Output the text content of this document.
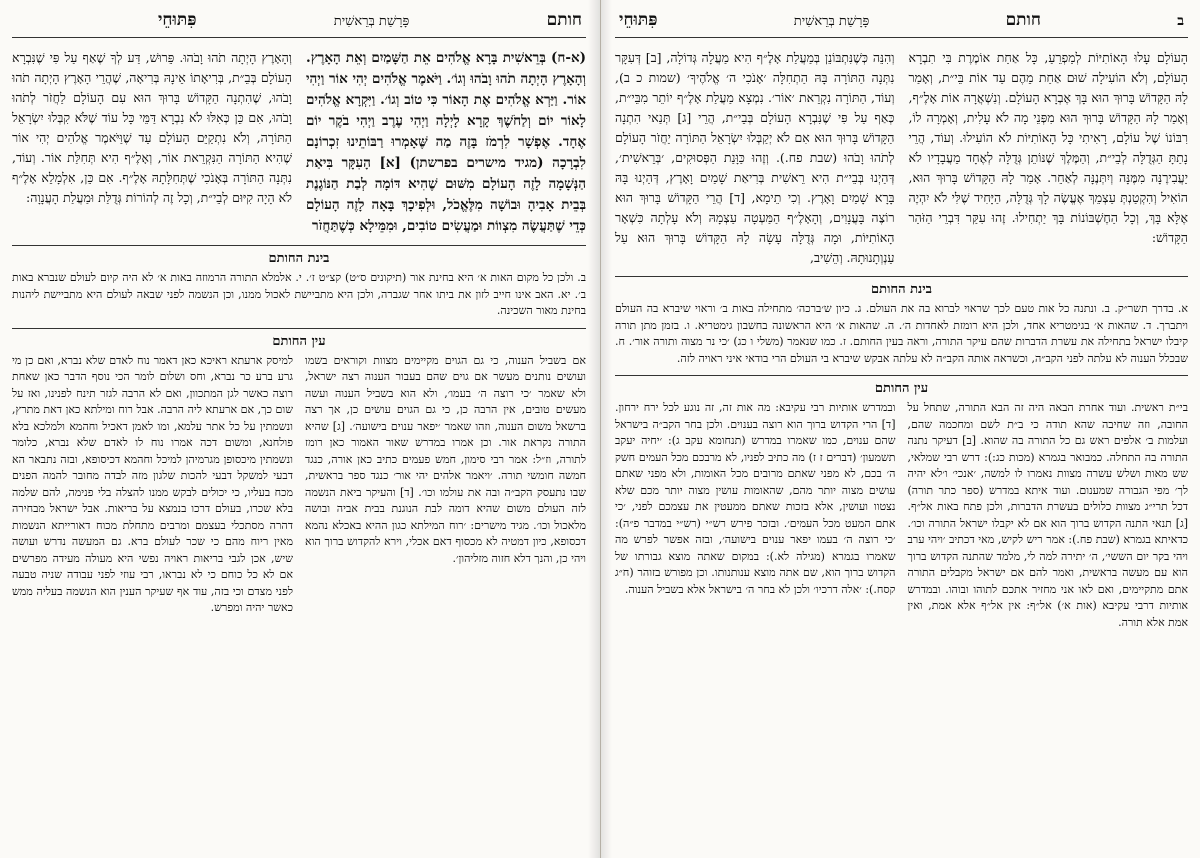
חותם
פָּרָשַׁת בְּרֵאשִׁית
פִּתּוּחֵי
(א-ח) בְּרֵאשִׁית בָּרָא אֱלֹהִים אֵת הַשָּׁמַיִם וְאֵת הָאָרֶץ. וְהָאָרֶץ הָיְתָה תֹהוּ וָבֹהוּ וְגוֹ׳. וַיֹּאמֶר אֱלֹהִים יְהִי אוֹר וַיְהִי אוֹר. וַיַּרְא אֱלֹהִים אֶת הָאוֹר כִּי טוֹב וְגוֹ׳. וַיִּקְרָא אֱלֹהִים לָאוֹר יוֹם וְלַחֹשֶׁךְ קָרָא לָיְלָה וַיְהִי עֶרֶב וַיְהִי בֹקֶר יוֹם אֶחָד. אֶפְשָׁר לִרְמֹז בָּזֶה מַה שֶּׁאָמְרוּ רַבּוֹתֵינוּ זִכְרוֹנָם לִבְרָכָה (מגיד מישרים בפרשתן) [א] הָעִקָּר בִּיאַת הַנְּשָׁמָה לָזֶה הָעוֹלָם מִשּׁוּם שֶׁהִיא דּוֹמָה לְבַת הַנּוֹגֶנֶת בְּבֵית אָבִיהָ וּבוֹשָׁה מִלֶּאֱכֹל, וּלְפִיכָךְ בָּאָה לָזֶה הָעוֹלָם כְּדֵי שֶׁתַּעֲשֶׂה מִצְווֹת וּמַעֲשִׂים טוֹבִים, וּמִמֵּילָא כְּשֶׁתַּחֲזֹר
וְהָאָרֶץ הָיְתָה תֹהוּ וָבֹהוּ. פֵּרוּשׁ, דַּע לְךָ שֶׁאַף עַל פִּי שֶׁנִּבְרָא הָעוֹלָם בְּבֵ״ת, בְּרִיאָתוֹ אֵינָהּ בְּרִיאָה, שֶׁהֲרֵי הָאָרֶץ הָיְתָה תֹהוּ וָבֹהוּ, שֶׁהִתְנָה הַקָּדוֹשׁ בָּרוּךְ הוּא עִם הָעוֹלָם לַחֲזֹר לְתֹהוּ וָבֹהוּ, אִם כֵּן כְּאִלּוּ לֹא נִבְרָא דַּמֵּי כָּל עוֹד שֶׁלֹּא קִבְּלוּ יִשְׂרָאֵל הַתּוֹרָה, וְלֹא נִתְקַיֵּם הָעוֹלָם עַד שֶׁוַּיֹּאמֶר אֱלֹהִים יְהִי אוֹר שֶׁהִיא הַתּוֹרָה הַנִּקְרֵאת אוֹר, וְאָלֶ״ף הִיא תְּחִלַּת אוֹר. וְעוֹד, נִתְּנָה הַתּוֹרָה בְּאָנֹכִי שֶׁתְּחִלָּתָהּ אָלֶ״ף. אִם כֵּן, אִלְמָלֵא אָלֶ״ף לֹא הָיָה קִיּוּם לְבֵי״ת, וְכָל זֶה לְהוֹרוֹת גְּדֻלַּת וּמַעֲלַת הָעֲנָוָה:
בינת החותם
ב. ולכן כל מקום האות א׳ היא בחינת אור (תיקונים ס״ט) קצ״ט ז׳. י. אלמלא התורה הרמוזה באות א׳ לא היה קיום לעולם שנברא באות ב׳. יא. האב אינו חייב לזון את ביתו אחר שגברה, ולכן היא מתביישת לאכול ממנו, וכן הנשמה לפני שבאה לעולם היא מתביישת ליהנות בחינת מאור השכינה.
עין החותם
אם בשביל הענוה, כי גם הגוים מקיימים מצוות וקוראים בשמו ועושים נותנים מעשר אם גוים שהם בעבור הענוה רצה ישראל, ולא שאמר ׳כי רוצה ה׳ בעמו׳, ולא הוא בשביל הענוה ועשה מעשים טובים, אין הרבה כן, כי גם הגוים עושים כן, אך רצה ברשאל משום הענוה, וזהו שאמר ׳יפאר ענוים בישועה׳. [ג] שהיא התורה נקראת אור. וכן אמרו במדרש שאור האמור כאן רומז לתורה, וז״ל: אמר רבי סימון, חמש פעמים כתיב כאן אורה, כנגד חמשה חומשי תורה. ׳ויאמר אלהים יהי אור׳ כנגד ספר בראשית, שבו נתעסק הקב״ה ובה את עולמו וכו׳. [ד] והעיקר ביאת הנשמה לזה העולם משום שהיא דומה לבת הנוגנת בבית אביה ובושה מלאכול וכו׳. מגיד מישרים: ׳רוח המילתא כגון ההיא באכלא נהמא דכסופא, כיון דמטיה לא מכסוף דאם אכלי, וירא להקדוש ברוך הוא ויהי כן, והנך דלא חזוה מזליהון׳.
למיסק ארעתא ראיכא כאן דאמר נוח לאדם שלא נברא, ואם כן מי גרע ברע כר נברא, וחס ושלום לומר הכי נוסף הדבר כאן שאחת רוצה כאשר לגן המתכוון, ואם לא הרבה לגזר תינח לפנינו, ואז על שום כך, אם ארעתא ליה הרבה. אבל רוח ומילתא כאן דאת מתרץ, ונשמתין על כל אתר עלמא, ומו לאמן דאכיל וחהמא ולמלכא בלא פולחנא, ומשום דכה אמרו נוח לו לאדם שלא נברא, כלומר ונשמתין מיכסופן מגרמיהן למיכל וחהמא דכיסופא, ובזה נתבאר הא דבעי למשקל דבעי להכות שלגון מזה לבדה מחובר להמה הפנים מכח בעליו, כי יכולים לבקש ממנו להצלה בלי פנימה, להם שלמה בלא שכרו, בעולם דרכו בנמצא על בריאות. אבל ישראל מבחירה דהרה מסתכלי בעצמם ומרבים מתחלת מכוח דאורייתא הנשמות מאין ריוח מהם כי שכר לעולם ברא. גם המעשה נדרש ועושה שיש, אכן לגבי בריאות ראויה נפשי היא מעולה מעידה מפרשים אם לא כל כוחם כי לא נבראו, רבי עוזי לפני עבודה שניה טבעה לפני מצדם וכי בזה, עוד אף שעיקר הענין הוא הנשמה בעליה ממש כאשר יהיה ומפרש.
ב
חותם
פָּרָשַׁת בְּרֵאשִׁית
פִּתּוּחֵי
הָעוֹלָם עָלוּ הָאוֹתִיּוֹת לְמַפְרֵעַ, כָּל אַחַת אוֹמֶרֶת בִּי תִבְרָא הָעוֹלָם, וְלֹא הוֹעִילָה שׁוּם אַחַת מֵהֶם עַד אוֹת בֵּי״ת, וְאָמַר לָהּ הַקָּדוֹשׁ בָּרוּךְ הוּא בָּךְ אֶבְרָא הָעוֹלָם. וְנִשְׁאֲרָה אוֹת אָלֶ״ף, וְאָמַר לָהּ הַקָּדוֹשׁ בָּרוּךְ הוּא מִפְּנֵי מָה לֹא עָלִית, וְאָמְרָה לוֹ, רִבּוֹנוֹ שֶׁל עוֹלָם, רָאִיתִי כָּל הָאוֹתִיּוֹת לֹא הוֹעִילוּ. וְעוֹד, הֲרֵי נָתַתָּ הַגְּדֻלָּה לְבֵי״ת, וְהַמֶּלֶךְ שֶׁנּוֹתֵן גְּדֻלָּה לְאֶחָד מֵעֲבָדָיו לֹא יַעֲבִירֶנָּה מִמֶּנָּה וְיִתְּנֶנָּה לְאַחֵר. אָמַר לָהּ הַקָּדוֹשׁ בָּרוּךְ הוּא, הוֹאִיל וְהִקְטַנְתְּ עַצְמֵךְ אֶעֱשֶׂה לָךְ גְּדֻלָּה, הַיָּחִיד שֶׁלִּי לֹא יִהְיֶה אֶלָּא בָּךְ, וְכָל הַחֶשְׁבּוֹנוֹת בָּךְ יַתְחִילוּ. זֶהוּ עִקַּר דִּבְרֵי הַזֹּהַר הַקָּדוֹשׁ:
וְהִנֵּה כְּשֶׁנִּתְבּוֹנֵן בְּמַעֲלַת אָלֶ״ף הִיא מַעֲלָה גְּדוֹלָה, [ב] דְּעִקָּר נִתְּנָה הַתּוֹרָה בָּהּ הַתְחִלָּה ׳אָנֹכִי ה׳ אֱלֹהֶיךָ׳ (שמות כ ב), וְעוֹד, הַתּוֹרָה נִקְרֵאת ׳אוֹר׳. נִמְצָא מַעֲלַת אָלֶ״ף יוֹתֵר מִבֵּי״ת, כְּאַף עַל פִּי שֶׁנִּבְרָא הָעוֹלָם בְּבֵי״ת, הֲרֵי [ג] תְּנַאי הִתְנָה הַקָּדוֹשׁ בָּרוּךְ הוּא אִם לֹא יְקַבְּלוּ יִשְׂרָאֵל הַתּוֹרָה יַחֲזֹר הָעוֹלָם לְתֹהוּ וָבֹהוּ (שבת פח.). וְזֶהוּ כַּוָּנַת הַפְּסוּקִים, ׳בְּרֵאשִׁית׳, דְּהַיְנוּ בְּבֵי״ת הִיא רֵאשִׁית בְּרִיאַת שָׁמַיִם וָאָרֶץ, דְּהַיְנוּ בָּהּ בָּרָא שָׁמַיִם וָאָרֶץ. וְכִי תֵימָא, [ד] הֲרֵי הַקָּדוֹשׁ בָּרוּךְ הוּא רוֹצֶה בָּעֲנָוִים, וְהָאָלֶ״ף הַמַּעְטָה עַצְמָהּ וְלֹא עָלְתָה כִּשְׁאָר הָאוֹתִיּוֹת, וּמָה גְּדֻלָּה עָשָׂה לָהּ הַקָּדוֹשׁ בָּרוּךְ הוּא עַל עַנְוְתָנוּתָהּ. וְהֵשִׁיב,
בינת החותם
א. בדרך תשר״ק. ב. ונתנה כל אות טעם לכך שראוי לברוא בה את העולם. ג. כיון ש׳ברכה׳ מתחילה באות ב׳ וראוי שיברא בה העולם ויתברך. ד. שהאות א׳ בגימטריא אחד, ולכן היא רומזת לאחדות ה׳. ה. שהאות א׳ היא הראשונה בחשבון גימטריא. ו. בזמן מתן תורה קיבלו ישראל בתחילה את עשרת הדברות שהם עיקר התורה, וראה בעין החותם. ז. כמו שנאמר (משלי ו כג) ׳כי נר מצוה ותורה אור׳. ח. שבכלל הענוה לא עלתה לפני הקב״ה, וכשראה אותה הקב״ה לא עלתה אבקש שיברא בי העולם הרי בודאי איני ראויה לזה.
עין החותם
בי״ת ראשית. ועוד אחרת הבאה היה זה הבא התורה, שתחל על החובה, וזה שחיבה שהא תודה כי ב״ת לשם ומחכמה שהם, ועלמות ב׳ אלפים ראש גם כל התורה בה שהוא. [ב] דעיקר נתנה התורה בה התחלה. כמבואר בגמרא (מכות כג:): דרש רבי שמלאי, שש מאות ושלש עשרה מצוות נאמרו לו למשה, ׳אנכי׳ ו׳לא יהיה לך׳ מפי הגבורה שמענום. ועוד איתא במדרש (ספר כתר תורה) דכל תרי״ג מצוות כלולים בעשרת הדברות, ולכן פתח באות אל״ף. [ג] תנאי התנה הקדוש ברוך הוא אם לא יקבלו ישראל התורה וכו׳. כדאיתא בגמרא (שבת פח.): אמר ריש לקיש, מאי דכתיב ׳ויהי ערב ויהי בקר יום הששי׳, ה׳ יתירה למה לי, מלמד שהתנה הקדוש ברוך הוא עם מעשה בראשית, ואמר להם אם ישראל מקבלים התורה אתם מתקיימים, ואם לאו אני מחזיר אתכם לתוהו ובוהו. ובמדרש אותיות דרבי עקיבא (אות א׳) אל״ף: אין אל״ף אלא אמת, ואין אמת אלא תורה.
ובמדרש אותיות רבי עקיבא: מה אות זה, זה נוגע לכל ירח ירחון. [ד] הרי הקדוש ברוך הוא רוצה בענוים. ולכן בחר הקב״ה בישראל שהם ענוים, כמו שאמרו במדרש (תנחומא עקב ג): ׳יחיה יעקב תשמעון׳ (דברים ז ז) מה כתיב לפניו, לא מרבכם מכל העמים חשק ה׳ בכם, לא מפני שאתם מרובים מכל האומות, ולא מפני שאתם עושים מצוה יותר מהם, שהאומות עושין מצוה יותר מכם שלא נצטוו ועושין, אלא בזכות שאתם ממעטין את עצמכם לפני, ׳כי אתם המעט מכל העמים׳. ובזכר פירש רש״י (רש״י במדבר פ״ה): ׳כי רוצה ה׳ בעמו יפאר ענוים בישועה׳, ובזה אפשר לפרש מה שאמרו בגמרא (מגילה לא.): במקום שאתה מוצא גבורתו של הקדוש ברוך הוא, שם אתה מוצא ענותנותו. וכן מפורש בזוהר (ח״ג קסח.): ׳אלה דרכיו׳ ולכן לא בחר ה׳ בישראל אלא בשביל הענוה.
